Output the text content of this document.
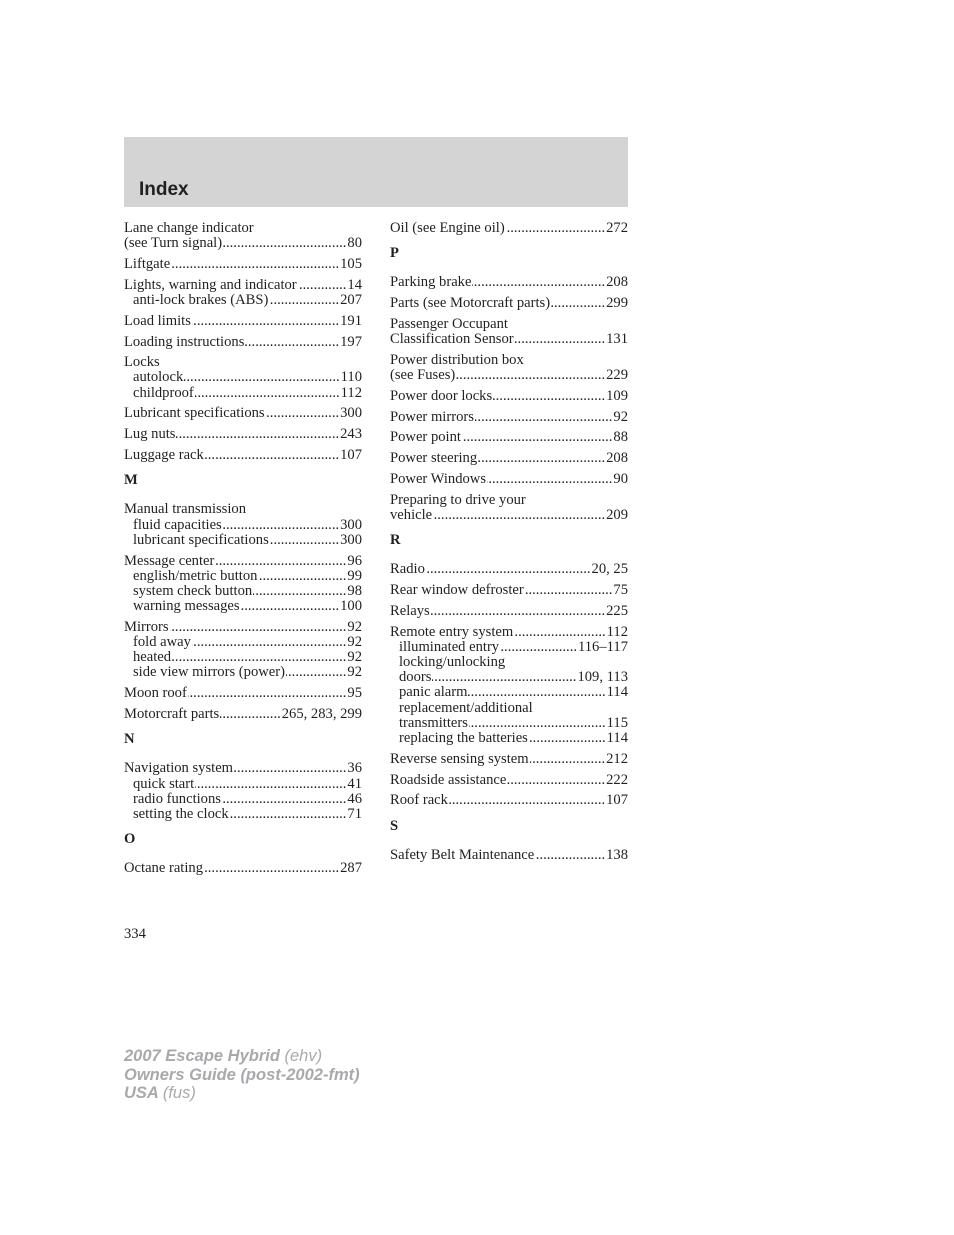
Index
Lane change indicator
(see Turn signal) .....	80
Liftgate .....	105
Lights, warning and indicator .....	14
anti-lock brakes (ABS) .....	207
Load limits .....	191
Loading instructions .....	197
Locks
autolock .....	110
childproof .....	112
Lubricant specifications .....	300
Lug nuts .....	243
Luggage rack .....	107
M
Manual transmission
fluid capacities .....	300
lubricant specifications .....	300
Message center .....	96
english/metric button .....	99
system check button .....	98
warning messages .....	100
Mirrors .....	92
fold away .....	92
heated .....	92
side view mirrors (power) .....	92
Moon roof .....	95
Motorcraft parts .....	265, 283, 299
N
Navigation system .....	36
quick start .....	41
radio functions .....	46
setting the clock .....	71
O
Octane rating .....	287
Oil (see Engine oil) .....	272
P
Parking brake .....	208
Parts (see Motorcraft parts) .....	299
Passenger Occupant
Classification Sensor .....	131
Power distribution box
(see Fuses) .....	229
Power door locks .....	109
Power mirrors .....	92
Power point .....	88
Power steering .....	208
Power Windows .....	90
Preparing to drive your
vehicle .....	209
R
Radio .....	20, 25
Rear window defroster .....	75
Relays .....	225
Remote entry system .....	112
illuminated entry .....	116–117
locking/unlocking
doors .....	109, 113
panic alarm .....	114
replacement/additional
transmitters .....	115
replacing the batteries .....	114
Reverse sensing system .....	212
Roadside assistance .....	222
Roof rack .....	107
S
Safety Belt Maintenance .....	138
334
2007 Escape Hybrid (ehv)
Owners Guide (post-2002-fmt)
USA (fus)
